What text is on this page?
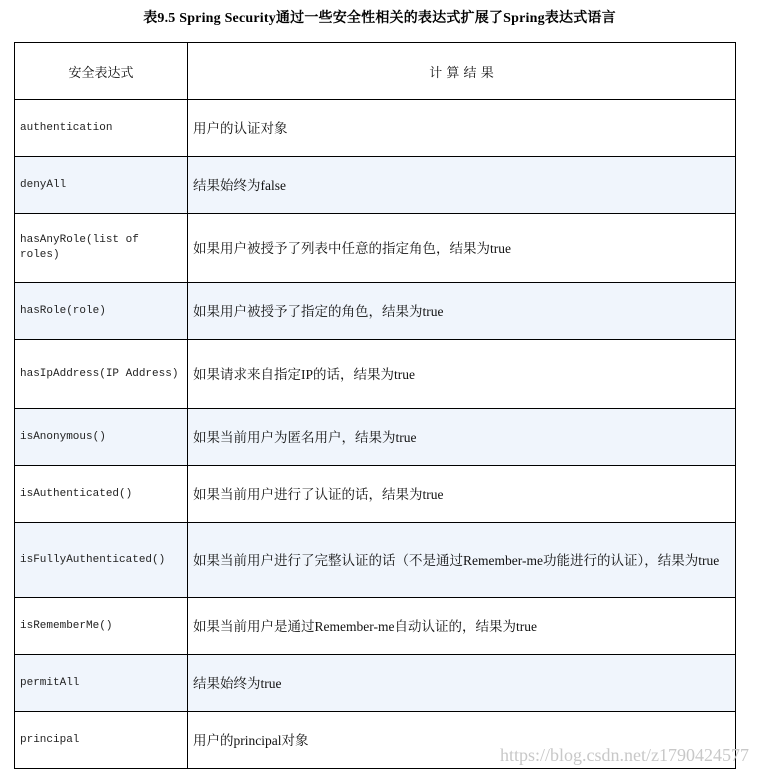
表9.5 Spring Security通过一些安全性相关的表达式扩展了Spring表达式语言
安全表达式	计 算 结 果
authentication	用户的认证对象
denyAll	结果始终为false
hasAnyRole(list of roles)	如果用户被授予了列表中任意的指定角色，结果为true
hasRole(role)	如果用户被授予了指定的角色，结果为true
hasIpAddress(IP Address)	如果请求来自指定IP的话，结果为true
isAnonymous()	如果当前用户为匿名用户，结果为true
isAuthenticated()	如果当前用户进行了认证的话，结果为true
isFullyAuthenticated()	如果当前用户进行了完整认证的话（不是通过Remember-me功能进行的认证），结果为true
isRememberMe()	如果当前用户是通过Remember-me自动认证的，结果为true
permitAll	结果始终为true
principal	用户的principal对象
https://blog.csdn.net/z1790424577
